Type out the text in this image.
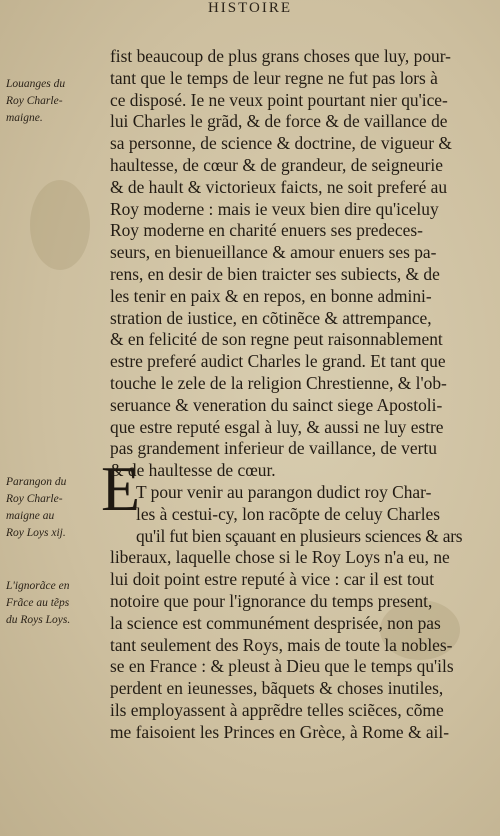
HISTOIRE
Louanges du
Roy Charle-
maigne.
Parangon du
Roy Charle-
maigne au
Roy Loys xij.
L'ignorãce en
Frãce au tẽps
du Roys Loys.
E
fist beaucoup de plus grans choses que luy, pour-
tant que le temps de leur regne ne fut pas lors à
ce disposé. Ie ne veux point pourtant nier qu'ice-
lui Charles le grãd, & de force & de vaillance de
sa personne, de science & doctrine, de vigueur &
haultesse, de cœur & de grandeur, de seigneurie
& de hault & victorieux faicts, ne soit preferé au
Roy moderne : mais ie veux bien dire qu'iceluy
Roy moderne en charité enuers ses predeces-
seurs, en bienueillance & amour enuers ses pa-
rens, en desir de bien traicter ses subiects, & de
les tenir en paix & en repos, en bonne admini-
stration de iustice, en cõtinẽce & attrempance,
& en felicité de son regne peut raisonnablement
estre preferé audict Charles le grand. Et tant que
touche le zele de la religion Chrestienne, & l'ob-
seruance & veneration du sainct siege Apostoli-
que estre reputé esgal à luy, & aussi ne luy estre
pas grandement inferieur de vaillance, de vertu
& de haultesse de cœur.
T pour venir au parangon dudict roy Char-
les à cestui-cy, lon racõpte de celuy Charles
qu'il fut bien sçauant en plusieurs sciences & ars
liberaux, laquelle chose si le Roy Loys n'a eu, ne
lui doit point estre reputé à vice : car il est tout
notoire que pour l'ignorance du temps present,
la science est communément desprisée, non pas
tant seulement des Roys, mais de toute la nobles-
se en France : & pleust à Dieu que le temps qu'ils
perdent en ieunesses, bãquets & choses inutiles,
ils employassent à apprẽdre telles sciẽces, cõme
me faisoient les Princes en Grèce, à Rome & ail-
